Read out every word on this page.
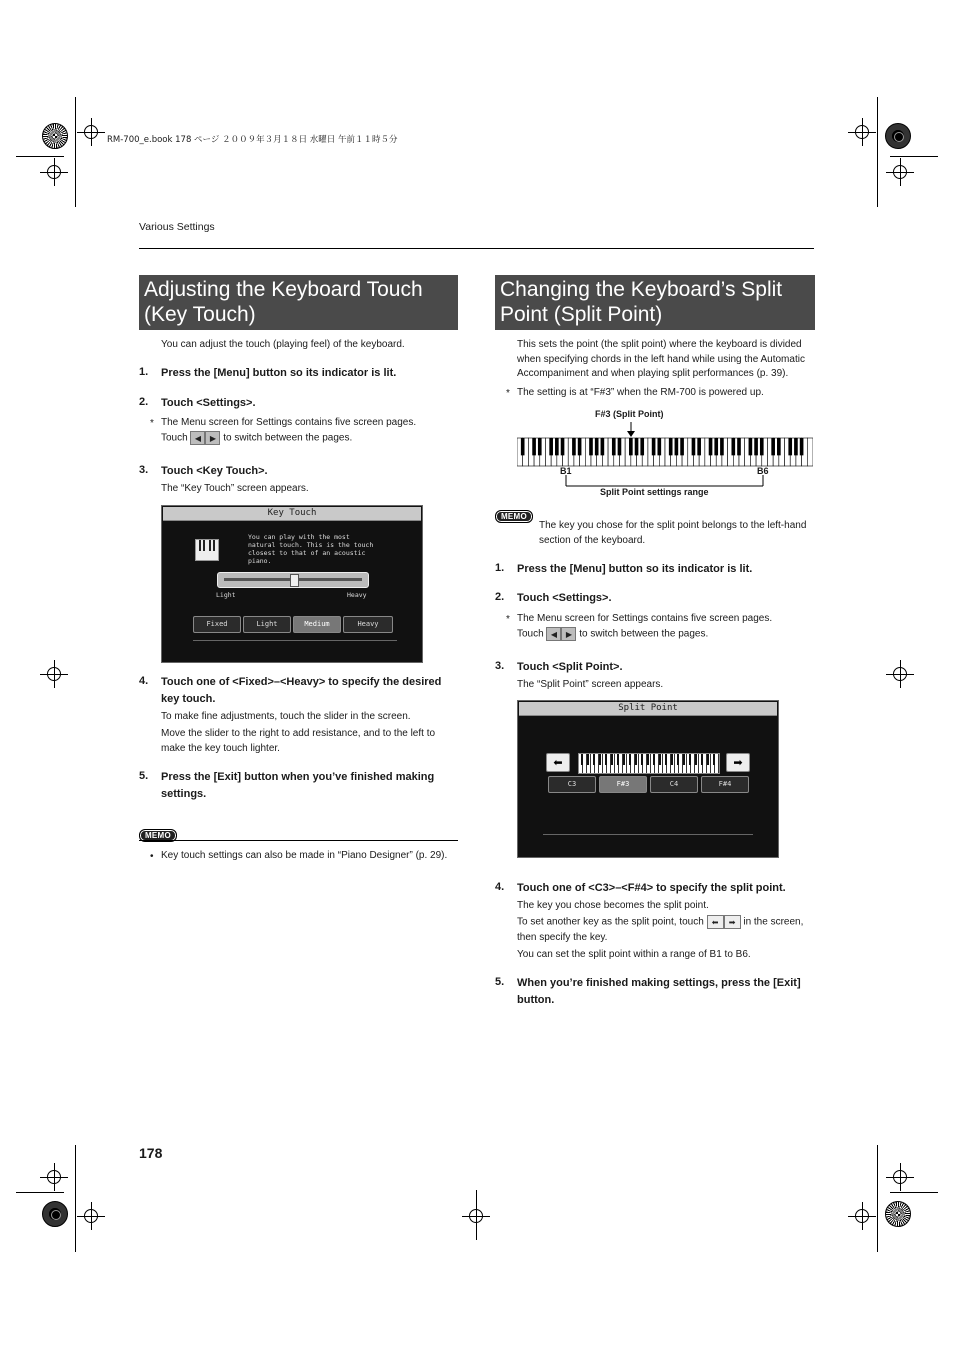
RM-700_e.book 178 ページ ２００９年３月１８日 水曜日 午前１１時５分
Various Settings
Adjusting the Keyboard Touch
(Key Touch)
You can adjust the touch (playing feel) of the keyboard.
1. Press the [Menu] button so its indicator is lit.
2. Touch <Settings>.
* The Menu screen for Settings contains five screen pages.
Touch ◀ ▶ to switch between the pages.
3. Touch <Key Touch>.
The “Key Touch” screen appears.
Key Touch
You can play with the most
natural touch. This is the touch
closest to that of an acoustic
piano.
Light	Heavy
Fixed	Light	Medium	Heavy
4. Touch one of <Fixed>–<Heavy> to specify the desired
key touch.
To make fine adjustments, touch the slider in the screen.
Move the slider to the right to add resistance, and to the left to
make the key touch lighter.
5. Press the [Exit] button when you’ve finished making
settings.
MEMO
• Key touch settings can also be made in “Piano Designer” (p. 29).
Changing the Keyboard’s Split
Point (Split Point)
This sets the point (the split point) where the keyboard is divided
when specifying chords in the left hand while using the Automatic
Accompaniment and when playing split performances (p. 39).
* The setting is at “F#3” when the RM-700 is powered up.
F#3 (Split Point)
B1	B6
Split Point settings range
MEMO
The key you chose for the split point belongs to the left-hand
section of the keyboard.
1. Press the [Menu] button so its indicator is lit.
2. Touch <Settings>.
* The Menu screen for Settings contains five screen pages.
Touch ◀ ▶ to switch between the pages.
3. Touch <Split Point>.
The “Split Point” screen appears.
Split Point
⬅	➡
C3	F#3	C4	F#4
4. Touch one of <C3>–<F#4> to specify the split point.
The key you chose becomes the split point.
To set another key as the split point, touch ⬅ ➡ in the screen,
then specify the key.
You can set the split point within a range of B1 to B6.
5. When you’re finished making settings, press the [Exit]
button.
178
